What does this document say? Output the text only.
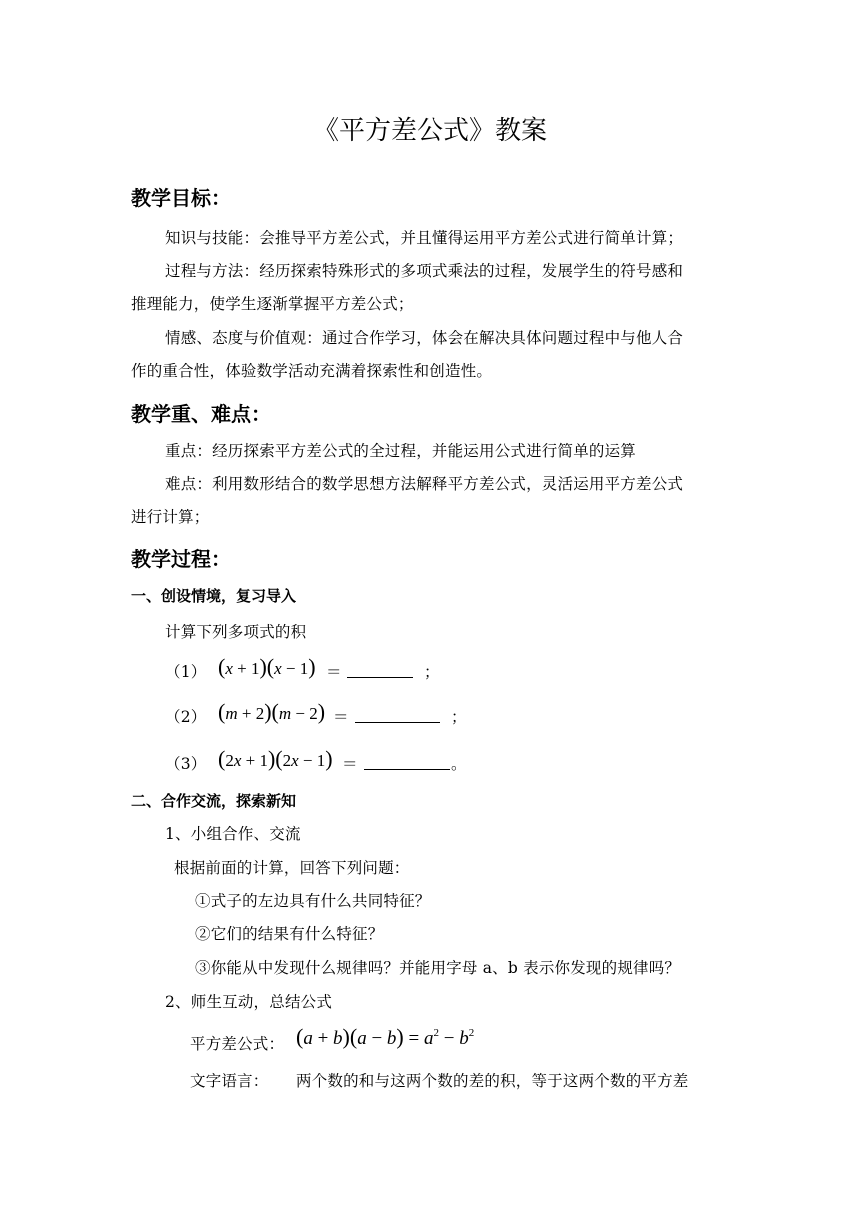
《平方差公式》教案
教学目标：
知识与技能：会推导平方差公式，并且懂得运用平方差公式进行简单计算；
过程与方法：经历探索特殊形式的多项式乘法的过程，发展学生的符号感和
推理能力，使学生逐渐掌握平方差公式；
情感、态度与价值观：通过合作学习，体会在解决具体问题过程中与他人合
作的重合性，体验数学活动充满着探索性和创造性。
教学重、难点：
重点：经历探索平方差公式的全过程，并能运用公式进行简单的运算
难点：利用数形结合的数学思想方法解释平方差公式，灵活运用平方差公式
进行计算；
教学过程：
一、创设情境，复习导入
计算下列多项式的积
（1） (x + 1)(x − 1) ＝	；
（2） (m + 2)(m − 2) ＝	；
（3） (2x + 1)(2x − 1) ＝	。
二、合作交流，探索新知
1、小组合作、交流
根据前面的计算，回答下列问题：
①式子的左边具有什么共同特征？
②它们的结果有什么特征？
③你能从中发现什么规律吗？并能用字母 a、b 表示你发现的规律吗？
2、师生互动，总结公式
平方差公式： $(a + b)(a - b) = a^2 - b^2$
文字语言： 两个数的和与这两个数的差的积，等于这两个数的平方差
